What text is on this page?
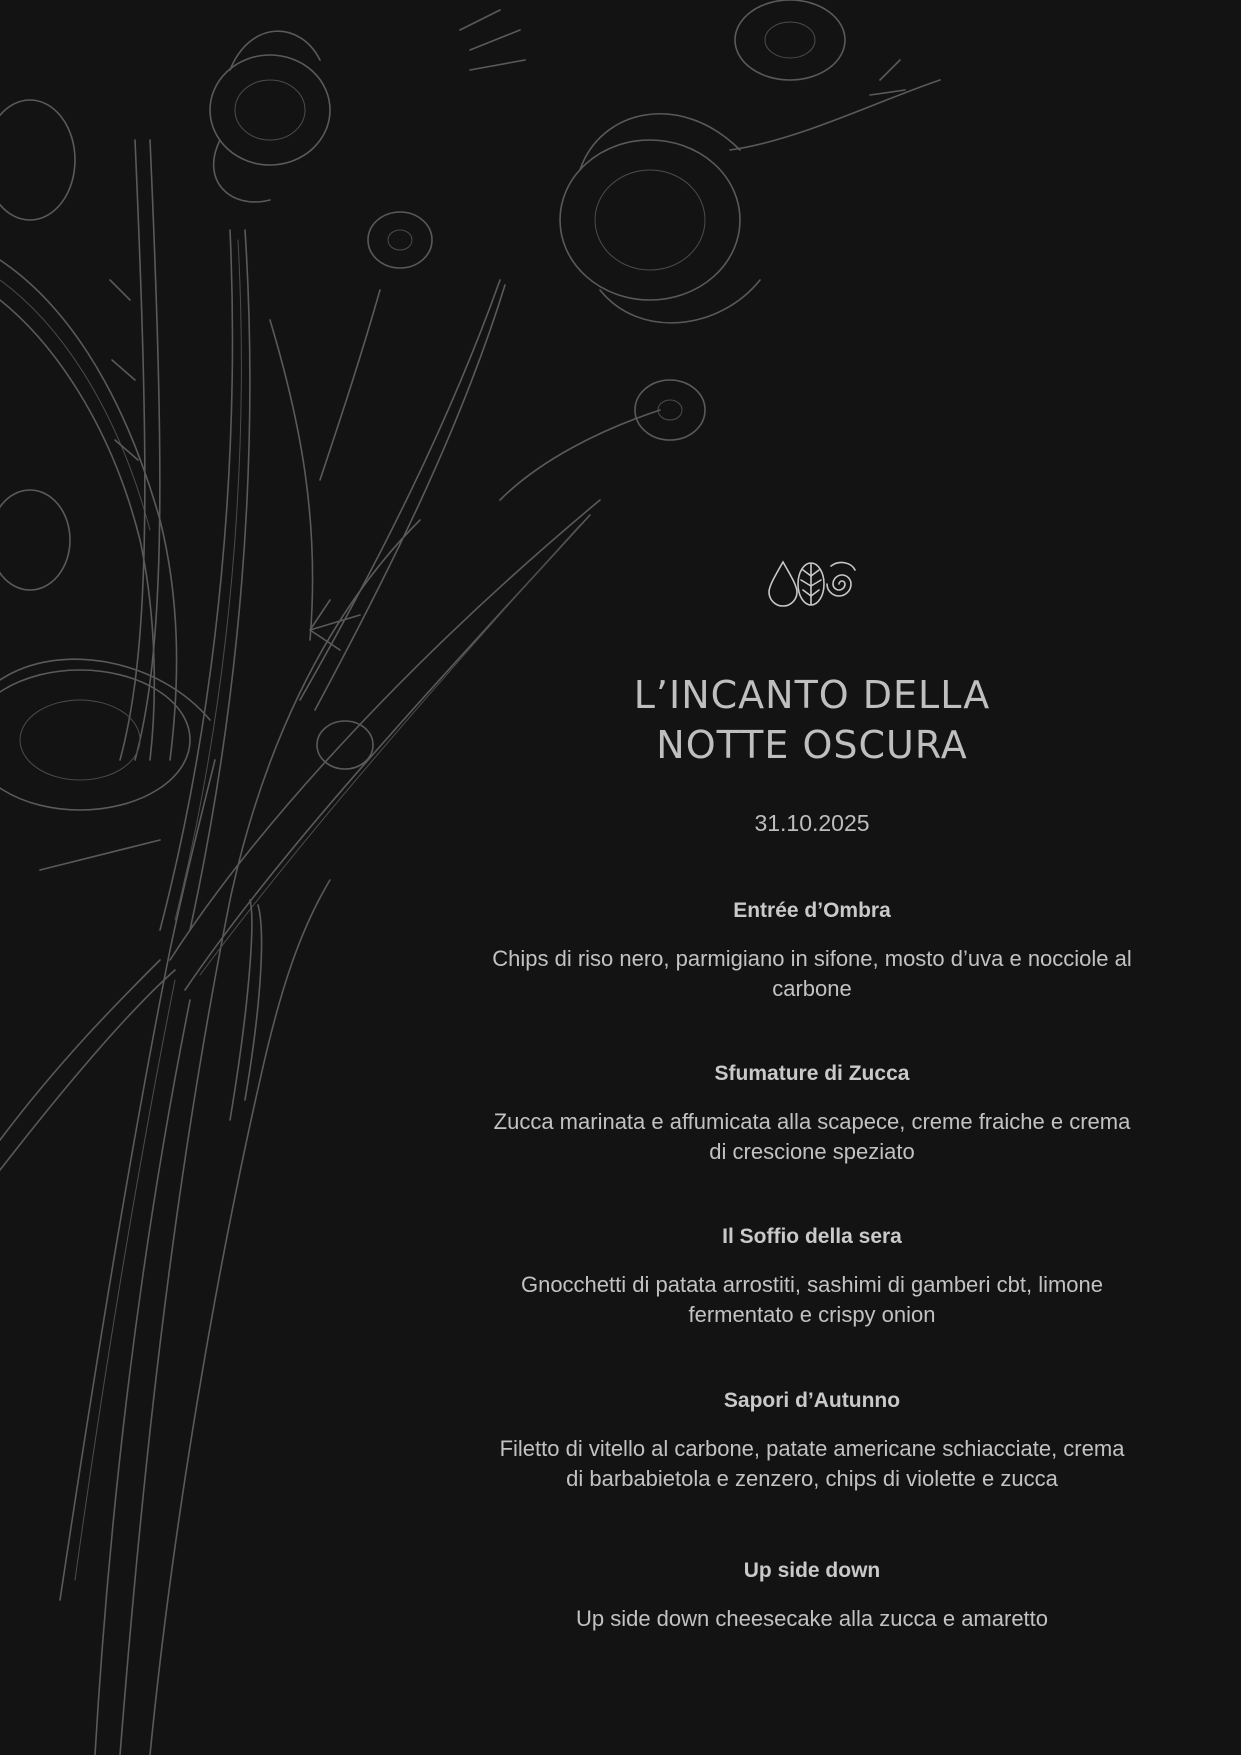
L’INCANTO DELLA
NOTTE OSCURA
31.10.2025

Entrée d’Ombra

Chips di riso nero, parmigiano in sifone, mosto d’uva e nocciole al carbone

Sfumature di Zucca

Zucca marinata e affumicata alla scapece, creme fraiche e crema di crescione speziato

Il Soffio della sera

Gnocchetti di patata arrostiti, sashimi di gamberi cbt, limone fermentato e crispy onion

Sapori d’Autunno

Filetto di vitello al carbone, patate americane schiacciate, crema di barbabietola e zenzero, chips di violette e zucca

Up side down

Up side down cheesecake alla zucca e amaretto
